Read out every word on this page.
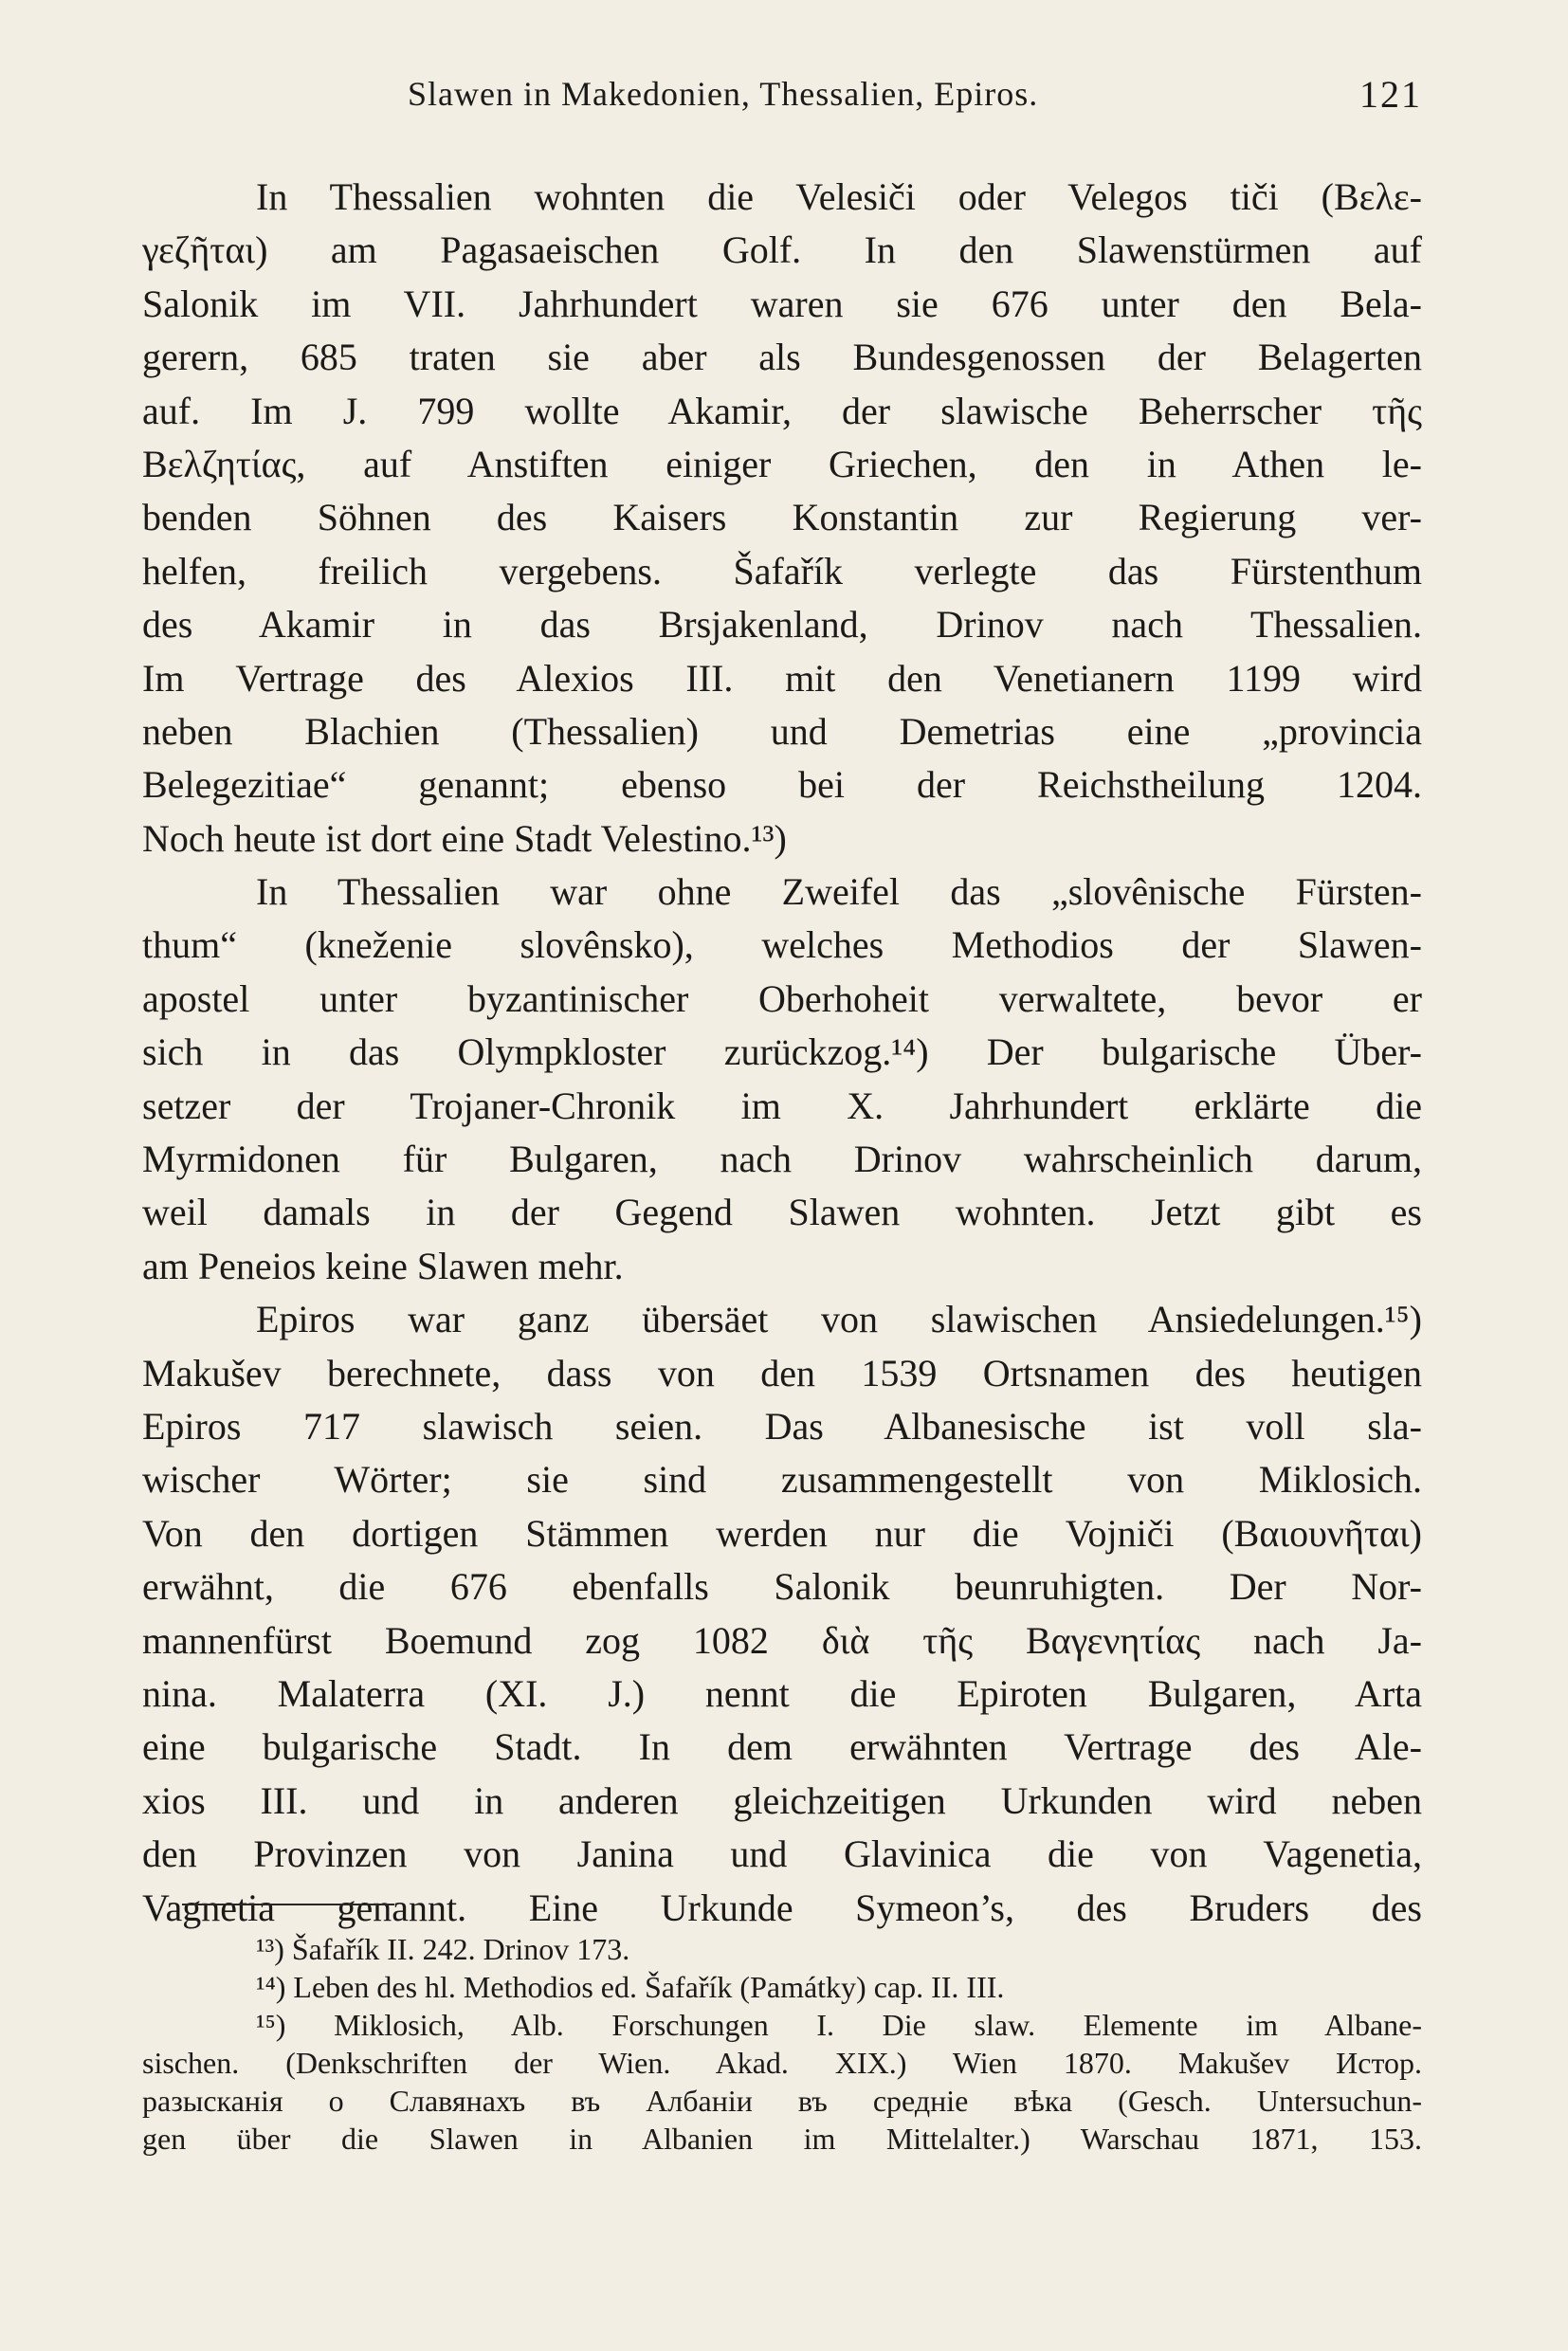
Slawen in Makedonien, Thessalien, Epiros.	121
In Thessalien wohnten die Velesiči oder Velegos tiči (Βελε-
γεζῆται) am Pagasaeischen Golf. In den Slawenstürmen auf
Salonik im VII. Jahrhundert waren sie 676 unter den Bela-
gerern, 685 traten sie aber als Bundesgenossen der Belagerten
auf. Im J. 799 wollte Akamir, der slawische Beherrscher τῆς
Βελζητίας, auf Anstiften einiger Griechen, den in Athen le-
benden Söhnen des Kaisers Konstantin zur Regierung ver-
helfen, freilich vergebens. Šafařík verlegte das Fürstenthum
des Akamir in das Brsjakenland, Drinov nach Thessalien.
Im Vertrage des Alexios III. mit den Venetianern 1199 wird
neben Blachien (Thessalien) und Demetrias eine „provincia
Belegezitiae“ genannt; ebenso bei der Reichstheilung 1204.
Noch heute ist dort eine Stadt Velestino.¹³)
In Thessalien war ohne Zweifel das „slovênische Fürsten-
thum“ (kneženie slovênsko), welches Methodios der Slawen-
apostel unter byzantinischer Oberhoheit verwaltete, bevor er
sich in das Olympkloster zurückzog.¹⁴) Der bulgarische Über-
setzer der Trojaner-Chronik im X. Jahrhundert erklärte die
Myrmidonen für Bulgaren, nach Drinov wahrscheinlich darum,
weil damals in der Gegend Slawen wohnten. Jetzt gibt es
am Peneios keine Slawen mehr.
Epiros war ganz übersäet von slawischen Ansiedelungen.¹⁵)
Makušev berechnete, dass von den 1539 Ortsnamen des heutigen
Epiros 717 slawisch seien. Das Albanesische ist voll sla-
wischer Wörter; sie sind zusammengestellt von Miklosich.
Von den dortigen Stämmen werden nur die Vojniči (Βαιουνῆται)
erwähnt, die 676 ebenfalls Salonik beunruhigten. Der Nor-
mannenfürst Boemund zog 1082 διὰ τῆς Βαγενητίας nach Ja-
nina. Malaterra (XI. J.) nennt die Epiroten Bulgaren, Arta
eine bulgarische Stadt. In dem erwähnten Vertrage des Ale-
xios III. und in anderen gleichzeitigen Urkunden wird neben
den Provinzen von Janina und Glavinica die von Vagenetia,
Vagnetia genannt. Eine Urkunde Symeon’s, des Bruders des
¹³) Šafařík II. 242. Drinov 173.
¹⁴) Leben des hl. Methodios ed. Šafařík (Památky) cap. II. III.
¹⁵) Miklosich, Alb. Forschungen I. Die slaw. Elemente im Albane-
sischen. (Denkschriften der Wien. Akad. XIX.) Wien 1870. Makušev Истор.
разысканія о Славянахъ въ Албаніи въ средніе вѣка (Gesch. Untersuchun-
gen über die Slawen in Albanien im Mittelalter.) Warschau 1871, 153.
